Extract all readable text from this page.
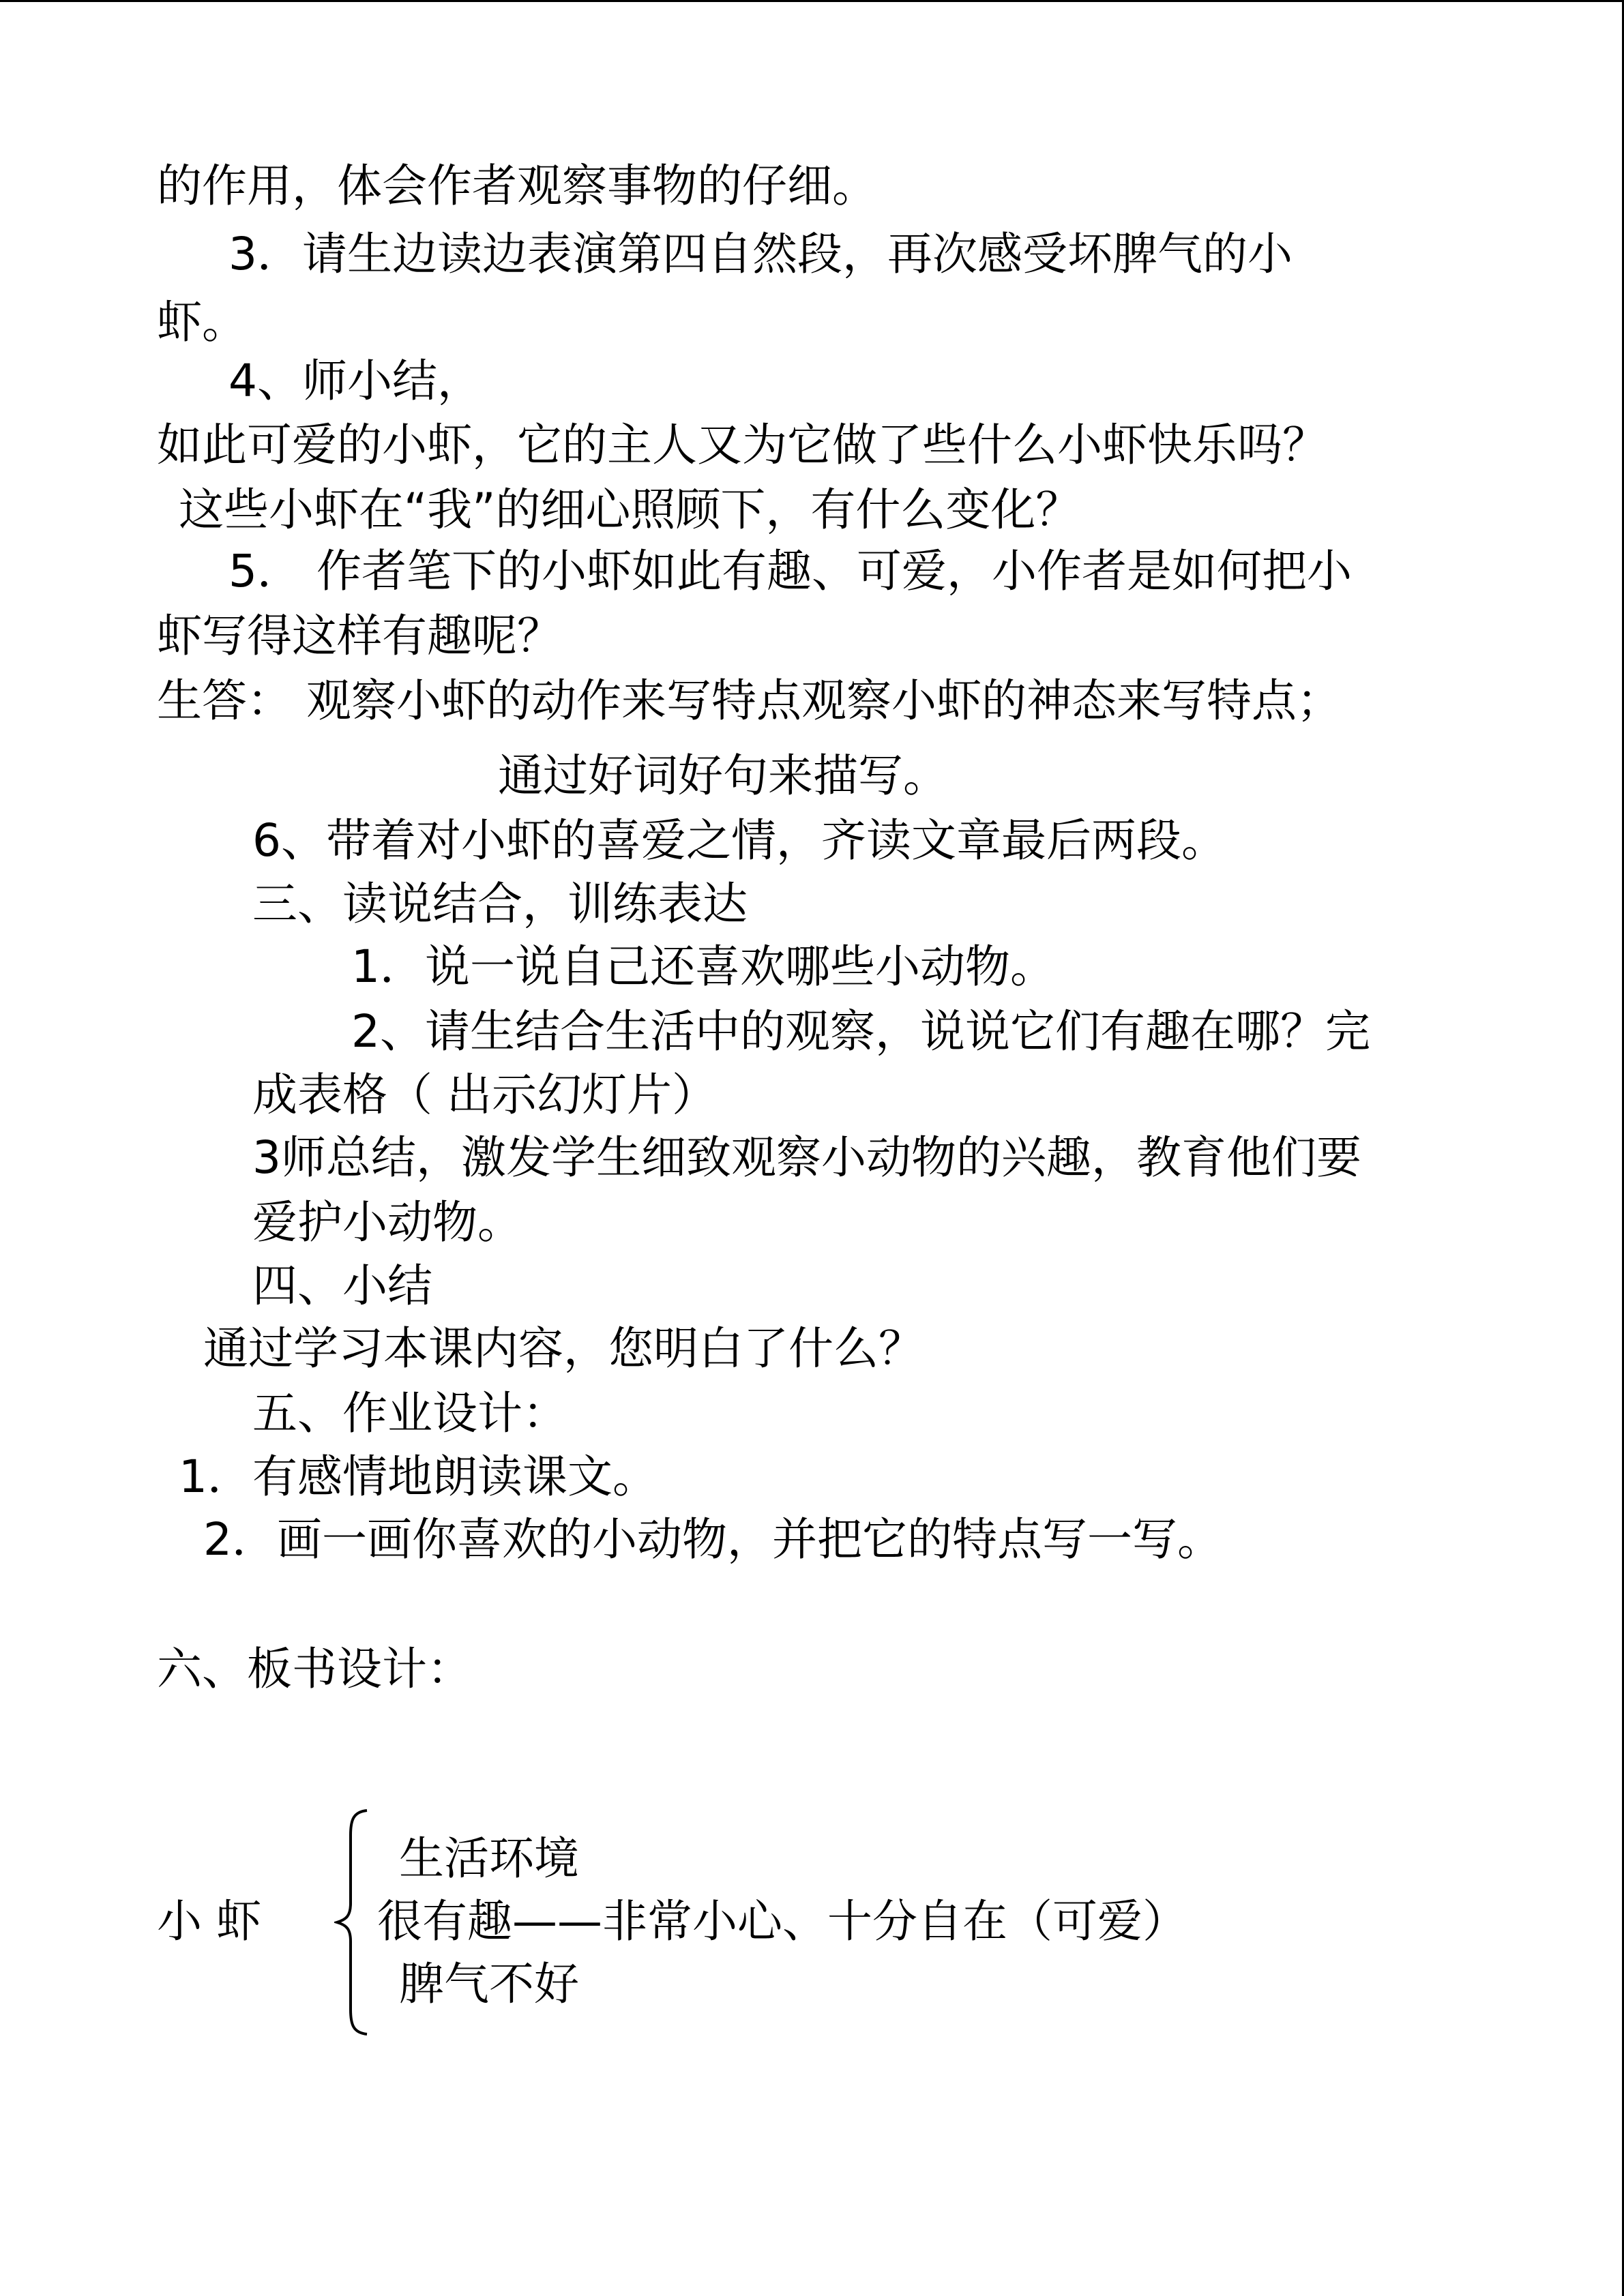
的作用，体会作者观察事物的仔细。
3．请生边读边表演第四自然段，再次感受坏脾气的小
虾。
4、师小结，
如此可爱的小虾，它的主人又为它做了些什么小虾快乐吗？
这些小虾在“我”的细心照顾下，有什么变化？
5． 作者笔下的小虾如此有趣、可爱，小作者是如何把小
虾写得这样有趣呢？
生答： 观察小虾的动作来写特点观察小虾的神态来写特点；
通过好词好句来描写。
6、带着对小虾的喜爱之情，齐读文章最后两段。
三、读说结合，训练表达
1．说一说自己还喜欢哪些小动物。
2、请生结合生活中的观察，说说它们有趣在哪？完
成表格（ 出示幻灯片）
3师总结，激发学生细致观察小动物的兴趣，教育他们要
爱护小动物。
四、小结
通过学习本课内容，您明白了什么？
五、作业设计：
1．有感情地朗读课文。
2．画一画你喜欢的小动物，并把它的特点写一写。
六、板书设计：
小 虾
生活环境
很有趣——非常小心、十分自在（可爱）
脾气不好
